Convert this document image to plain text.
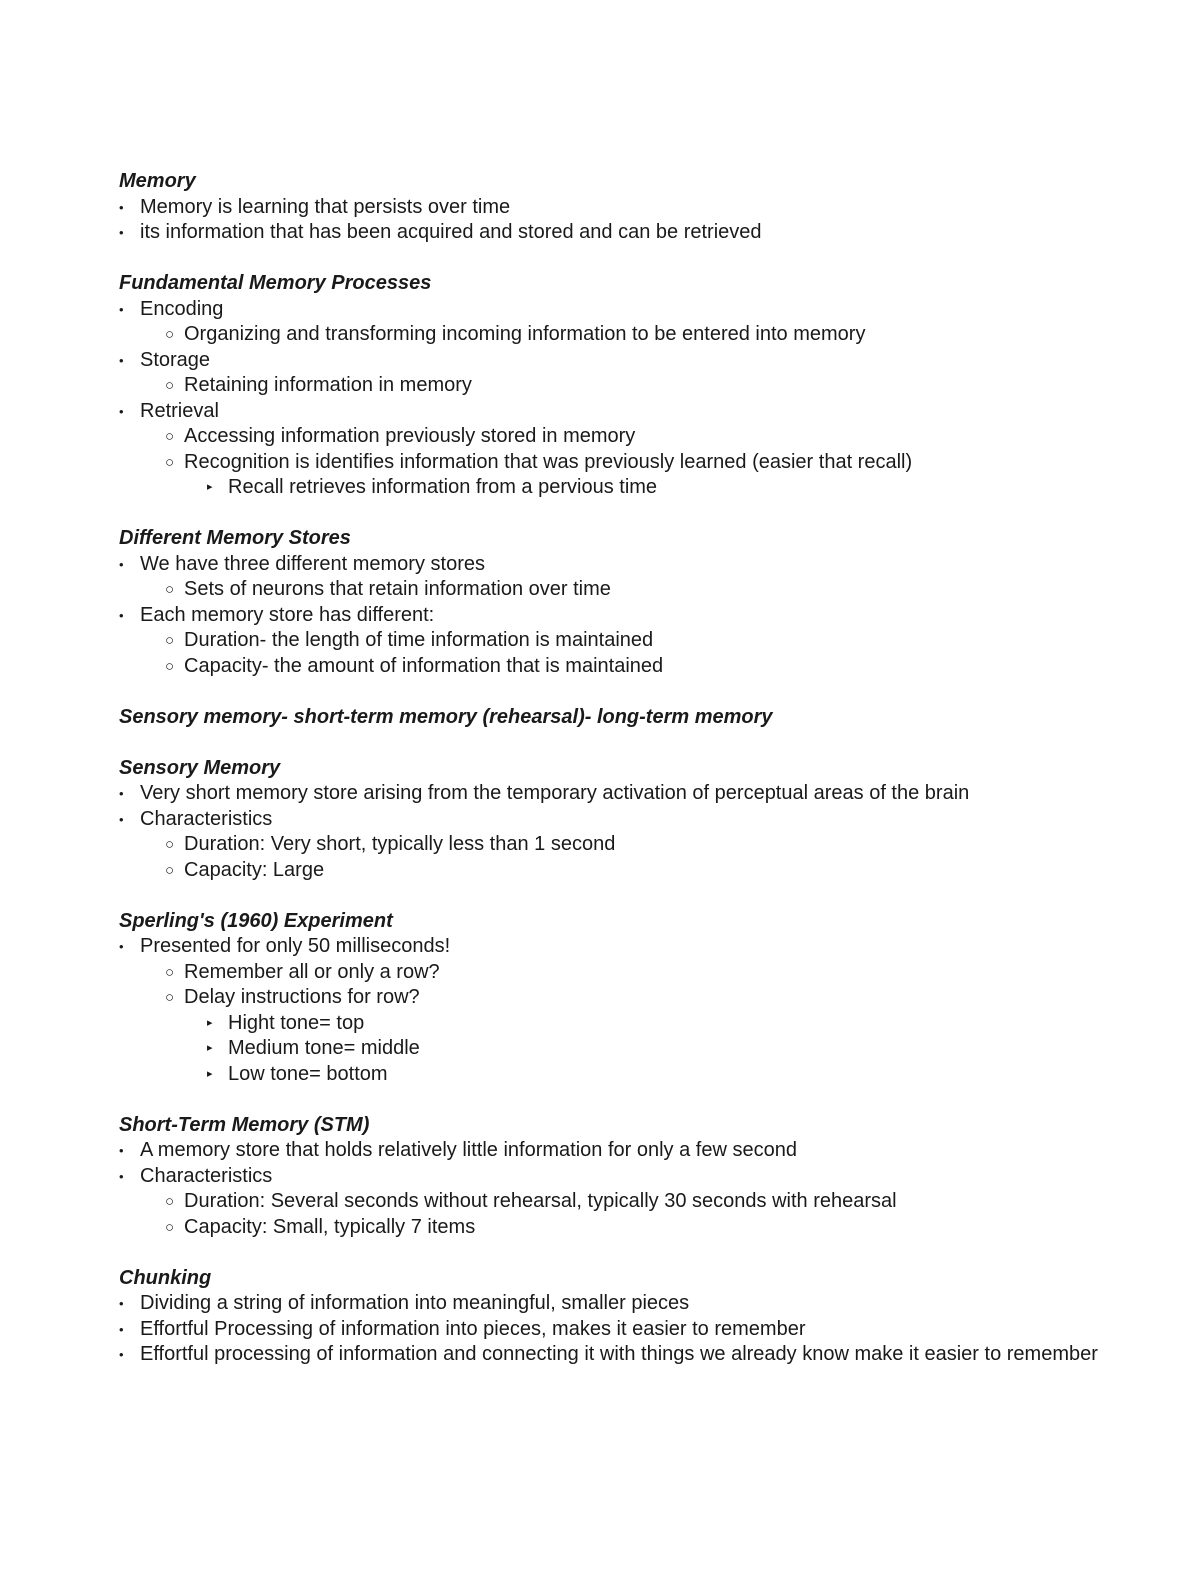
Memory
•
Memory is learning that persists over time
•
its information that has been acquired and stored and can be retrieved
Fundamental Memory Processes
•
Encoding
○
Organizing and transforming incoming information to be entered into memory
•
Storage
○
Retaining information in memory
•
Retrieval
○
Accessing information previously stored in memory
○
Recognition is identifies information that was previously learned (easier that recall)
▸
Recall retrieves information from a pervious time
Different Memory Stores
•
We have three different memory stores
○
Sets of neurons that retain information over time
•
Each memory store has different:
○
Duration- the length of time information is maintained
○
Capacity- the amount of information that is maintained
Sensory memory- short-term memory (rehearsal)- long-term memory
Sensory Memory
•
Very short memory store arising from the temporary activation of perceptual areas of the brain
•
Characteristics
○
Duration: Very short, typically less than 1 second
○
Capacity: Large
Sperling's (1960) Experiment
•
Presented for only 50 milliseconds!
○
Remember all or only a row?
○
Delay instructions for row?
▸
Hight tone= top
▸
Medium tone= middle
▸
Low tone= bottom
Short-Term Memory (STM)
•
A memory store that holds relatively little information for only a few second
•
Characteristics
○
Duration: Several seconds without rehearsal, typically 30 seconds with rehearsal
○
Capacity: Small, typically 7 items
Chunking
•
Dividing a string of information into meaningful, smaller pieces
•
Effortful Processing of information into pieces, makes it easier to remember
•
Effortful processing of information and connecting it with things we already know make it easier to remember
